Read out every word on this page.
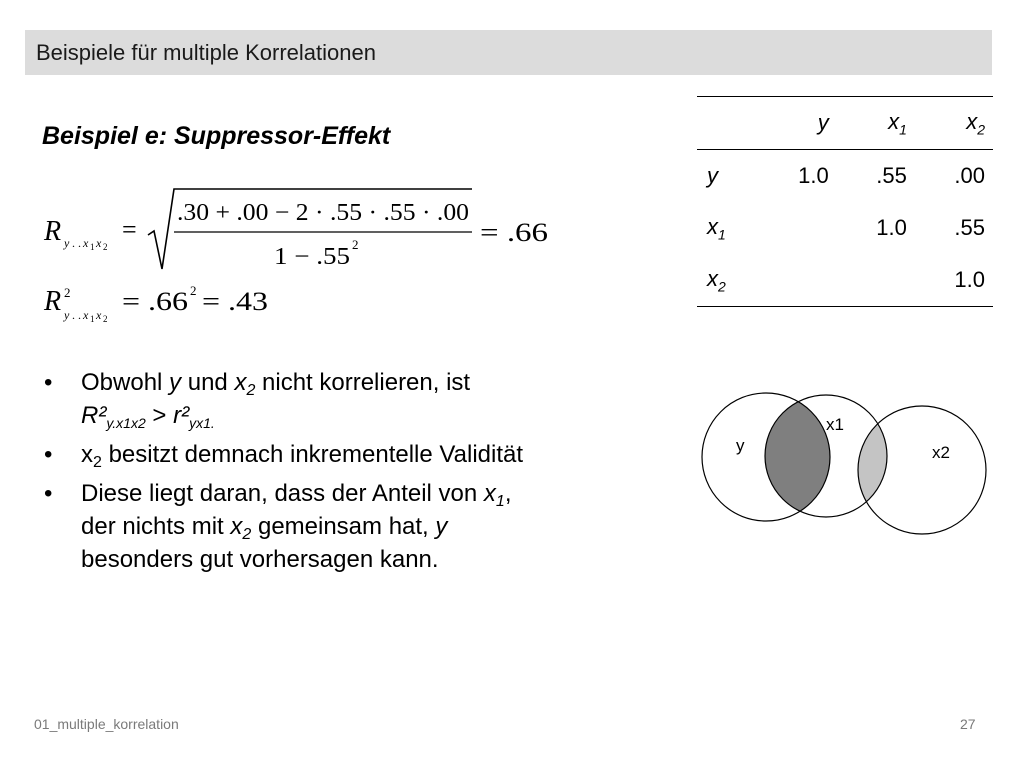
Beispiele für multiple Korrelationen
Beispiel e: Suppressor-Effekt
R y . . x 1 x 2
=
.30 + .00 − 2 · .55 · .55 · .00
1 − .55 2	= .66
R 2
y . . x 1 x 2
= .66 2 = .43
• Obwohl y und $x_2$ nicht korrelieren, ist
$R^2_{y.x1x2} > r^2_{yx1.}$
• $x_2$ besitzt demnach inkrementelle Validität
• Diese liegt daran, dass der Anteil von $x_1$,
der nichts mit $x_2$ gemeinsam hat, y
besonders gut vorhersagen kann.
	y	$x_1$	$x_2$
y	1.0	.55	.00
$x_1$		1.0	.55
$x_2$			1.0
y
x1
x2
01_multiple_korrelation	27
